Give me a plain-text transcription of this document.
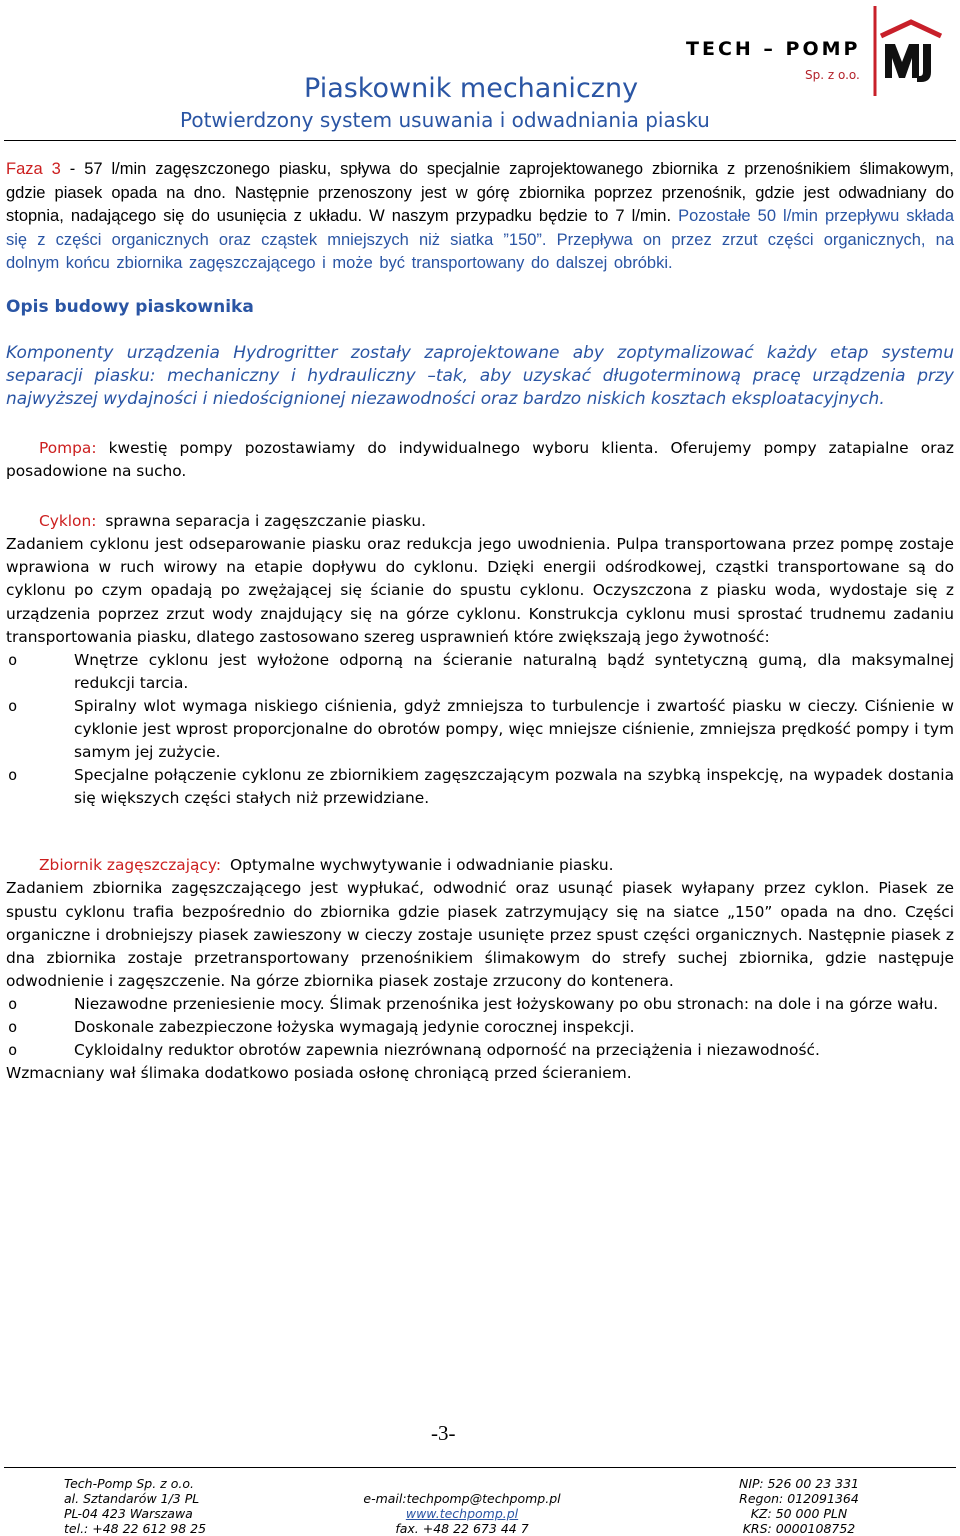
TECH – POMP
Sp. z o.o.
Piaskownik mechaniczny
Potwierdzony system usuwania i odwadniania piasku

Faza 3 - 57 l/min zagęszczonego piasku, spływa do specjalnie zaprojektowanego zbiornika z przenośnikiem ślimakowym, gdzie piasek opada na dno. Następnie przenoszony jest w górę zbiornika poprzez przenośnik, gdzie jest odwadniany do stopnia, nadającego się do usunięcia z układu. W naszym przypadku będzie to 7 l/min. Pozostałe 50 l/min przepływu składa się z części organicznych oraz cząstek mniejszych niż siatka ”150”. Przepływa on przez zrzut części organicznych, na dolnym końcu zbiornika zagęszczającego i może być transportowany do dalszej obróbki.

Opis budowy piaskownika

Komponenty urządzenia Hydrogritter zostały zaprojektowane aby zoptymalizować każdy etap systemu separacji piasku: mechaniczny i hydrauliczny –tak, aby uzyskać długoterminową pracę urządzenia przy najwyższej wydajności i niedoścignionej niezawodności oraz bardzo niskich kosztach eksploatacyjnych.

Pompa: kwestię pompy pozostawiamy do indywidualnego wyboru klienta. Oferujemy pompy zatapialne oraz posadowione na sucho.

Cyklon: sprawna separacja i zagęszczanie piasku.

Zadaniem cyklonu jest odseparowanie piasku oraz redukcja jego uwodnienia. Pulpa transportowana przez pompę zostaje wprawiona w ruch wirowy na etapie dopływu do cyklonu. Dzięki energii odśrodkowej, cząstki transportowane są do cyklonu po czym opadają po zwężającej się ścianie do spustu cyklonu. Oczyszczona z piasku woda, wydostaje się z urządzenia poprzez zrzut wody znajdujący się na górze cyklonu. Konstrukcja cyklonu musi sprostać trudnemu zadaniu transportowania piasku, dlatego zastosowano szereg usprawnień które zwiększają jego żywotność:

o	Wnętrze cyklonu jest wyłożone odporną na ścieranie naturalną bądź syntetyczną gumą, dla maksymalnej redukcji tarcia.
o	Spiralny wlot wymaga niskiego ciśnienia, gdyż zmniejsza to turbulencje i zwartość piasku w cieczy. Ciśnienie w cyklonie jest wprost proporcjonalne do obrotów pompy, więc mniejsze ciśnienie, zmniejsza prędkość pompy i tym samym jej zużycie.
o	Specjalne połączenie cyklonu ze zbiornikiem zagęszczającym pozwala na szybką inspekcję, na wypadek dostania się większych części stałych niż przewidziane.
Zbiornik zagęszczający: Optymalne wychwytywanie i odwadnianie piasku.

Zadaniem zbiornika zagęszczającego jest wypłukać, odwodnić oraz usunąć piasek wyłapany przez cyklon. Piasek ze spustu cyklonu trafia bezpośrednio do zbiornika gdzie piasek zatrzymujący się na siatce „150” opada na dno. Części organiczne i drobniejszy piasek zawieszony w cieczy zostaje usunięte przez spust części organicznych. Następnie piasek z dna zbiornika zostaje przetransportowany przenośnikiem ślimakowym do strefy suchej zbiornika, gdzie następuje odwodnienie i zagęszczenie. Na górze zbiornika piasek zostaje zrzucony do kontenera.

o	Niezawodne przeniesienie mocy. Ślimak przenośnika jest łożyskowany po obu stronach: na dole i na górze wału.
o	Doskonale zabezpieczone łożyska wymagają jedynie corocznej inspekcji.
o	Cykloidalny reduktor obrotów zapewnia niezrównaną odporność na przeciążenia i niezawodność.

Wzmacniany wał ślimaka dodatkowo posiada osłonę chroniącą przed ścieraniem.

-3-
Tech-Pomp Sp. z o.o.
al. Sztandarów 1/3 PL
PL-04 423 Warszawa
tel.: +48 22 612 98 25

e-mail:techpomp@techpomp.pl
www.techpomp.pl
fax. +48 22 673 44 7
NIP: 526 00 23 331
Regon: 012091364
KZ: 50 000 PLN
KRS: 0000108752
